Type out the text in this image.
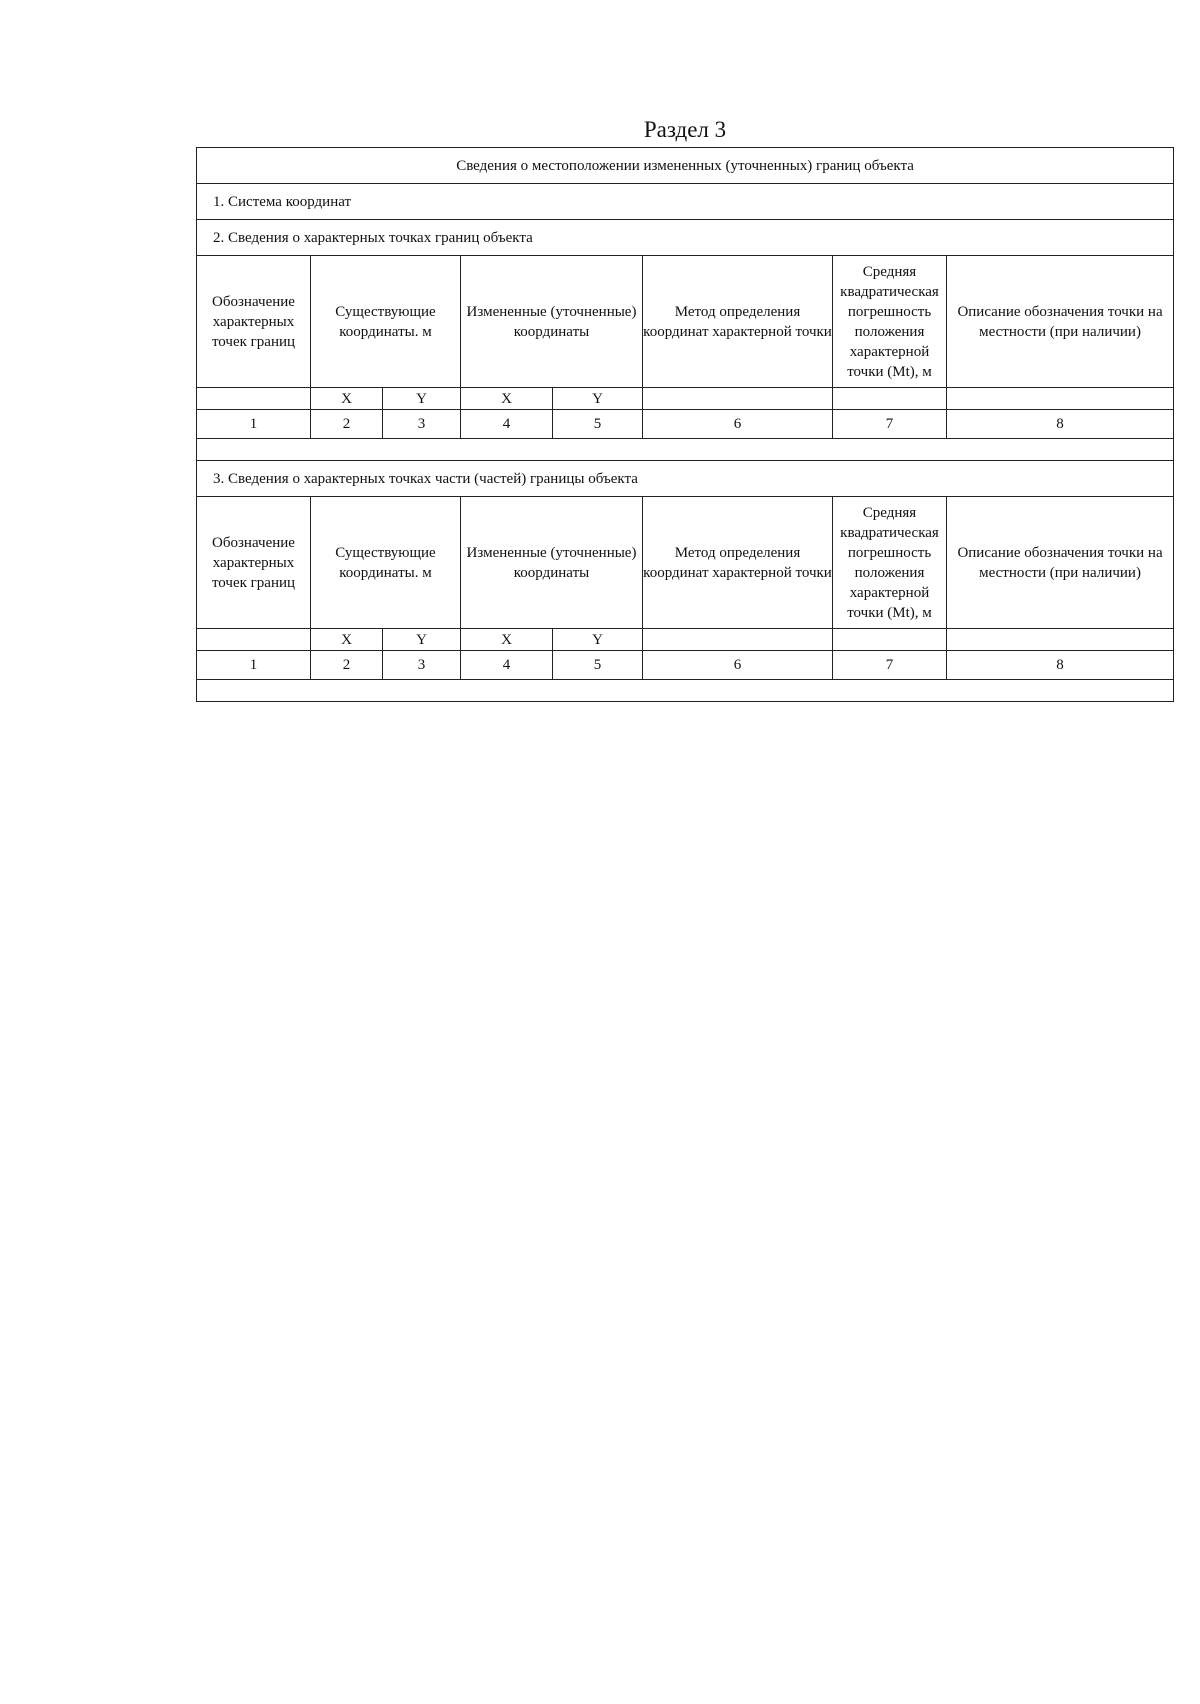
Раздел 3
Сведения о местоположении измененных (уточненных) границ объекта							
1. Система координат							
2. Сведения о характерных точках границ объекта							
Обозначение характерных точек границ	Существующие координаты. м		Измененные (уточненные) координаты		Метод определения координат характерной точки	Средняя квадратическая погрешность положения характерной точки (Mt), м	Описание обозначения точки на местности (при наличии)
	X	Y	X	Y			
1	2	3	4	5	6	7	8

3. Сведения о характерных точках части (частей) границы объекта							
Обозначение характерных точек границ	Существующие координаты. м		Измененные (уточненные) координаты		Метод определения координат характерной точки	Средняя квадратическая погрешность положения характерной точки (Mt), м	Описание обозначения точки на местности (при наличии)
	X	Y	X	Y			
1	2	3	4	5	6	7	8
